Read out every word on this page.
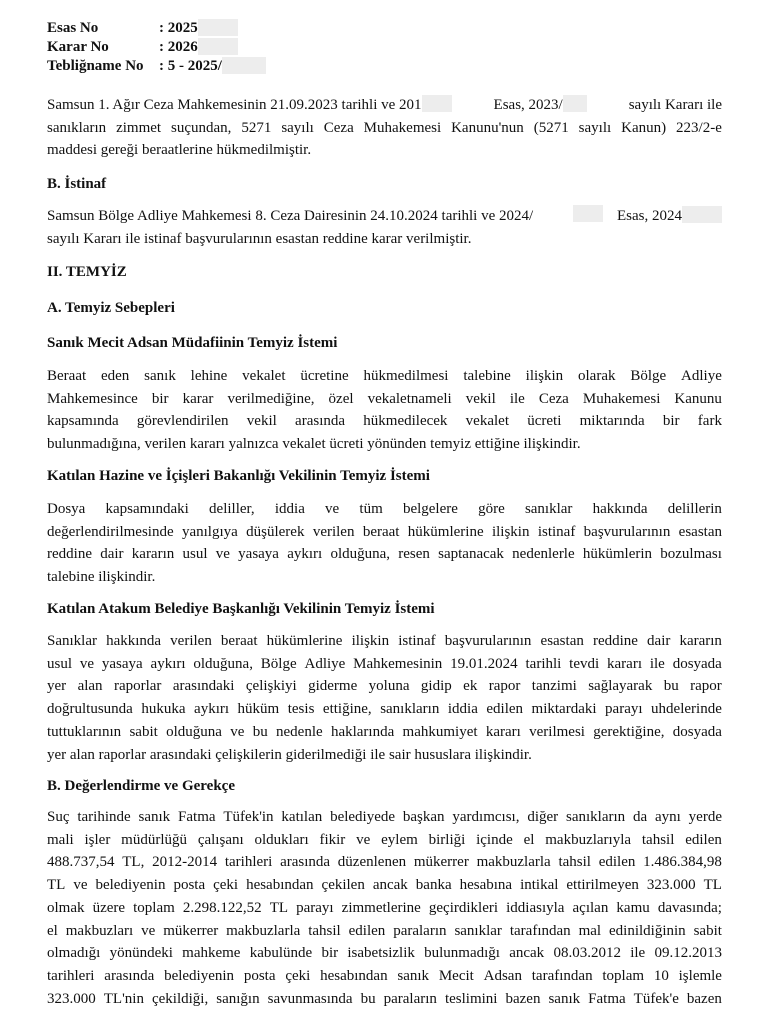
Esas No	: 2025
Karar No	: 2026
Tebliğname No	: 5 - 2025/
Samsun 1. Ağır Ceza Mahkemesinin 21.09.2023 tarihli ve 201	Esas, 2023/	sayılı Kararı ile
sanıkların zimmet suçundan, 5271 sayılı Ceza Muhakemesi Kanunu'nun (5271 sayılı Kanun) 223/2-e
maddesi gereği beraatlerine hükmedilmiştir.
B. İstinaf
Samsun Bölge Adliye Mahkemesi 8. Ceza Dairesinin 24.10.2024 tarihli ve 2024/	Esas, 2024
sayılı Kararı ile istinaf başvurularının esastan reddine karar verilmiştir.
II. TEMYİZ
A. Temyiz Sebepleri
Sanık Mecit Adsan Müdafiinin Temyiz İstemi
Beraat eden sanık lehine vekalet ücretine hükmedilmesi talebine ilişkin olarak Bölge Adliye
Mahkemesince bir karar verilmediğine, özel vekaletnameli vekil ile Ceza Muhakemesi Kanunu
kapsamında görevlendirilen vekil arasında hükmedilecek vekalet ücreti miktarında bir fark
bulunmadığına, verilen kararı yalnızca vekalet ücreti yönünden temyiz ettiğine ilişkindir.
Katılan Hazine ve İçişleri Bakanlığı Vekilinin Temyiz İstemi
Dosya kapsamındaki deliller, iddia ve tüm belgelere göre sanıklar hakkında delillerin
değerlendirilmesinde yanılgıya düşülerek verilen beraat hükümlerine ilişkin istinaf başvurularının esastan
reddine dair kararın usul ve yasaya aykırı olduğuna, resen saptanacak nedenlerle hükümlerin bozulması
talebine ilişkindir.
Katılan Atakum Belediye Başkanlığı Vekilinin Temyiz İstemi
Sanıklar hakkında verilen beraat hükümlerine ilişkin istinaf başvurularının esastan reddine dair kararın
usul ve yasaya aykırı olduğuna, Bölge Adliye Mahkemesinin 19.01.2024 tarihli tevdi kararı ile dosyada
yer alan raporlar arasındaki çelişkiyi giderme yoluna gidip ek rapor tanzimi sağlayarak bu rapor
doğrultusunda hukuka aykırı hüküm tesis ettiğine, sanıkların iddia edilen miktardaki parayı uhdelerinde
tuttuklarının sabit olduğuna ve bu nedenle haklarında mahkumiyet kararı verilmesi gerektiğine, dosyada
yer alan raporlar arasındaki çelişkilerin giderilmediği ile sair hususlara ilişkindir.
B. Değerlendirme ve Gerekçe
Suç tarihinde sanık Fatma Tüfek'in katılan belediyede başkan yardımcısı, diğer sanıkların da aynı yerde
mali işler müdürlüğü çalışanı oldukları fikir ve eylem birliği içinde el makbuzlarıyla tahsil edilen
488.737,54 TL, 2012-2014 tarihleri arasında düzenlenen mükerrer makbuzlarla tahsil edilen 1.486.384,98
TL ve belediyenin posta çeki hesabından çekilen ancak banka hesabına intikal ettirilmeyen 323.000 TL
olmak üzere toplam 2.298.122,52 TL parayı zimmetlerine geçirdikleri iddiasıyla açılan kamu davasında;
el makbuzları ve mükerrer makbuzlarla tahsil edilen paraların sanıklar tarafından mal edinildiğinin sabit
olmadığı yönündeki mahkeme kabulünde bir isabetsizlik bulunmadığı ancak 08.03.2012 ile 09.12.2013
tarihleri arasında belediyenin posta çeki hesabından sanık Mecit Adsan tarafından toplam 10 işlemle
323.000 TL'nin çekildiği, sanığın savunmasında bu paraların teslimini bazen sanık Fatma Tüfek'e bazen
